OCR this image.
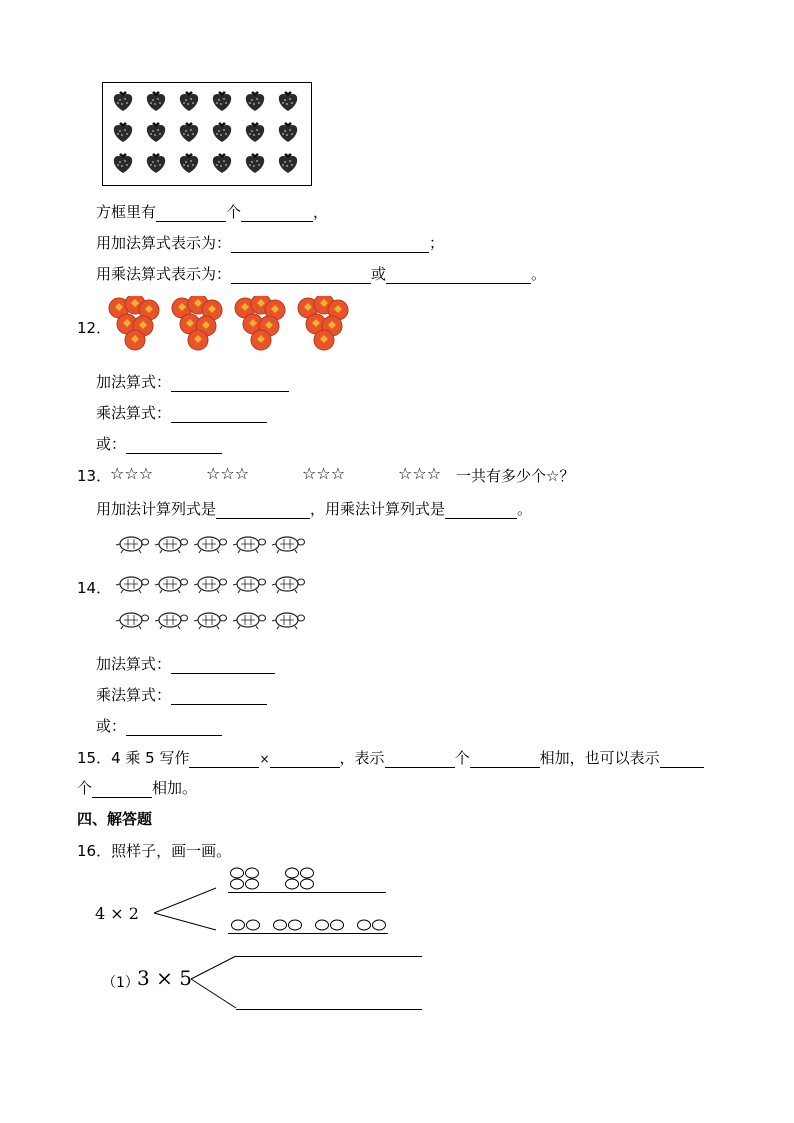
方框里有	个	，
用加法算式表示为：	；
用乘法算式表示为：	或	。
12．
加法算式：
乘法算式：
或：
13．
☆☆☆	☆☆☆	☆☆☆	☆☆☆ 一共有多少个☆？
用加法计算列式是	，用乘法计算列式是	。
14．
加法算式：
乘法算式：
或：
15．4 乘 5 写作	×	，表示	个	相加，也可以表示
个	相加。
四、解答题
16．照样子，画一画。
4 × 2
（1）
3 × 5
